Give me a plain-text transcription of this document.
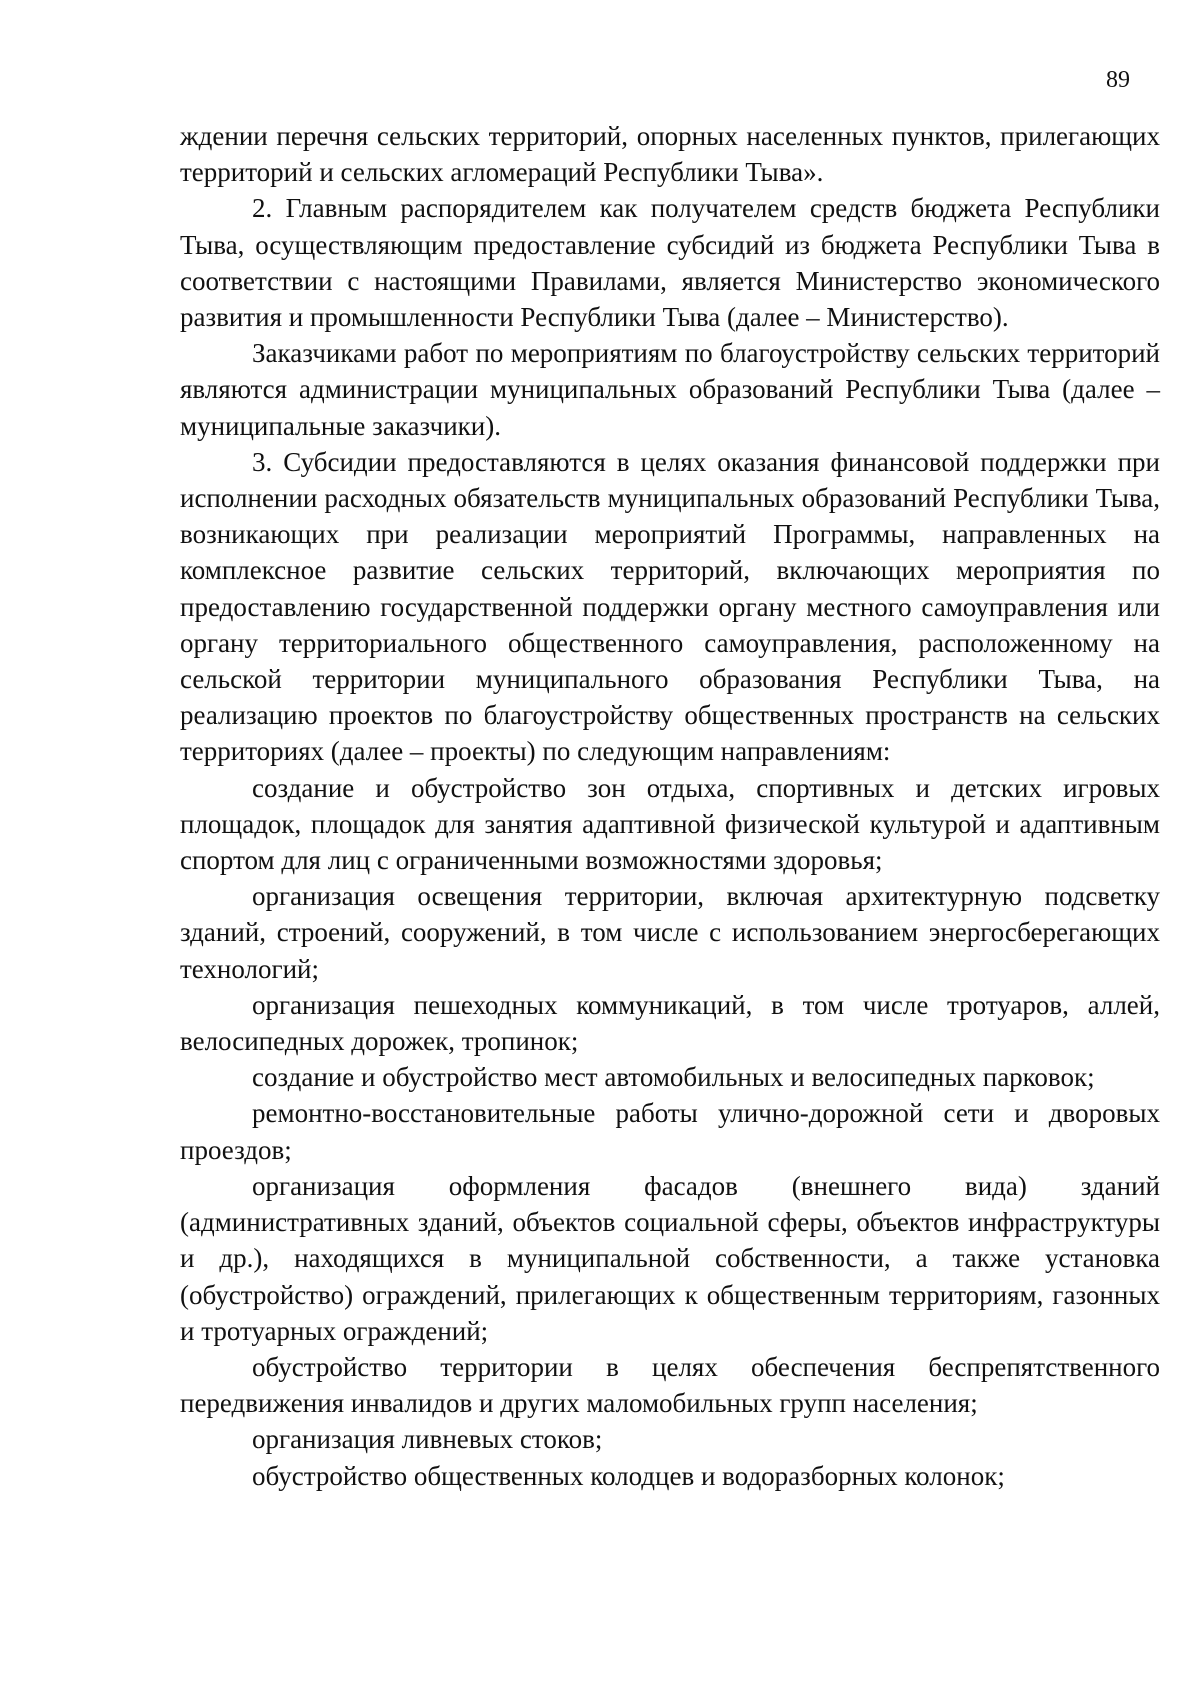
89

ждении перечня сельских территорий, опорных населенных пунктов, прилегающих территорий и сельских агломераций Республики Тыва».

2. Главным распорядителем как получателем средств бюджета Республики Тыва, осуществляющим предоставление субсидий из бюджета Республики Тыва в соответствии с настоящими Правилами, является Министерство экономического развития и промышленности Республики Тыва (далее – Министерство).

Заказчиками работ по мероприятиям по благоустройству сельских территорий являются администрации муниципальных образований Республики Тыва (далее – муниципальные заказчики).

3. Субсидии предоставляются в целях оказания финансовой поддержки при исполнении расходных обязательств муниципальных образований Республики Тыва, возникающих при реализации мероприятий Программы, направленных на комплексное развитие сельских территорий, включающих мероприятия по предоставлению государственной поддержки органу местного самоуправления или органу территориального общественного самоуправления, расположенному на сельской территории муниципального образования Республики Тыва, на реализацию проектов по благоустройству общественных пространств на сельских территориях (далее – проекты) по следующим направлениям:

создание и обустройство зон отдыха, спортивных и детских игровых площадок, площадок для занятия адаптивной физической культурой и адаптивным спортом для лиц с ограниченными возможностями здоровья;

организация освещения территории, включая архитектурную подсветку зданий, строений, сооружений, в том числе с использованием энергосберегающих технологий;

организация пешеходных коммуникаций, в том числе тротуаров, аллей, велосипедных дорожек, тропинок;

создание и обустройство мест автомобильных и велосипедных парковок;

ремонтно-восстановительные работы улично-дорожной сети и дворовых проездов;

организация оформления фасадов (внешнего вида) зданий (административных зданий, объектов социальной сферы, объектов инфраструктуры и др.), находящихся в муниципальной собственности, а также установка (обустройство) ограждений, прилегающих к общественным территориям, газонных и тротуарных ограждений;

обустройство территории в целях обеспечения беспрепятственного передвижения инвалидов и других маломобильных групп населения;

организация ливневых стоков;

обустройство общественных колодцев и водоразборных колонок;
